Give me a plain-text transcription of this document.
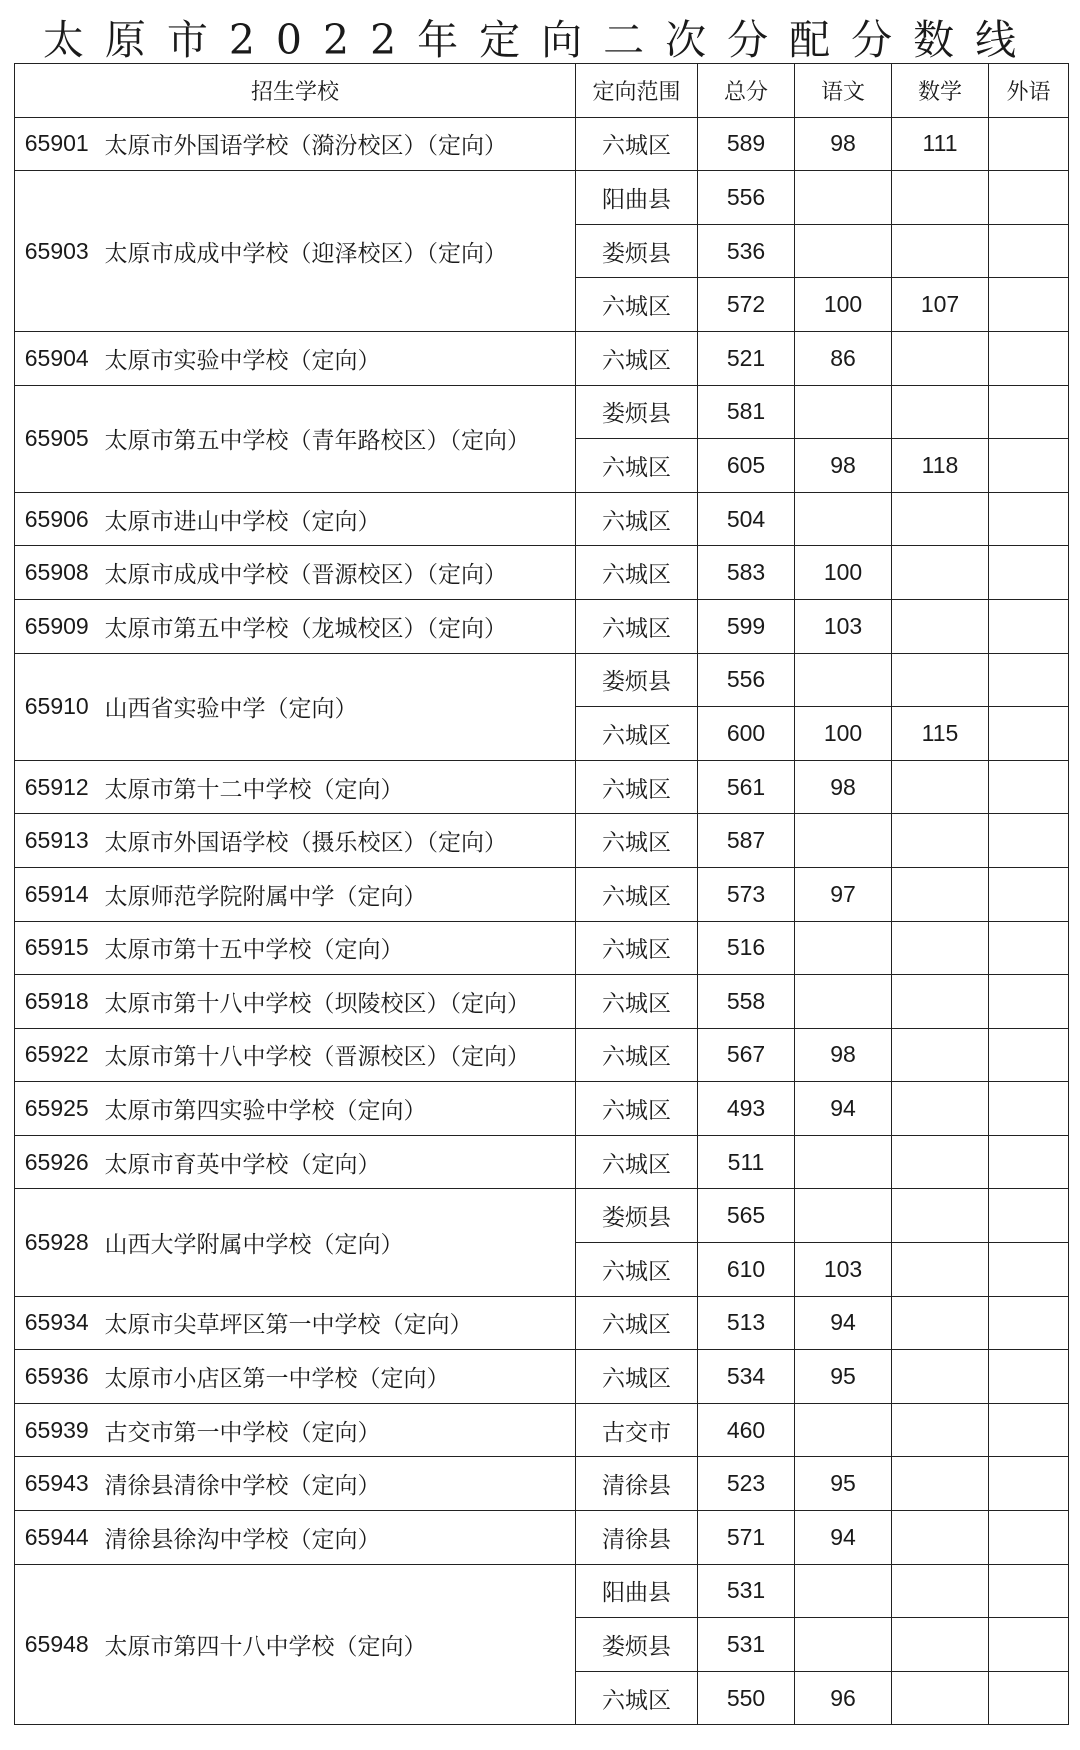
太原市2022年定向二次分配分数线
招生学校		定向范围	总分	语文	数学	外语
65901	太原市外国语学校（漪汾校区）（定向）	六城区	589	98	111	
65903	太原市成成中学校（迎泽校区）（定向）	阳曲县	556			
		娄烦县	536			
		六城区	572	100	107	
65904	太原市实验中学校（定向）	六城区	521	86		
65905	太原市第五中学校（青年路校区）（定向）	娄烦县	581			
		六城区	605	98	118	
65906	太原市进山中学校（定向）	六城区	504			
65908	太原市成成中学校（晋源校区）（定向）	六城区	583	100		
65909	太原市第五中学校（龙城校区）（定向）	六城区	599	103		
65910	山西省实验中学（定向）	娄烦县	556			
		六城区	600	100	115	
65912	太原市第十二中学校（定向）	六城区	561	98		
65913	太原市外国语学校（摄乐校区）（定向）	六城区	587			
65914	太原师范学院附属中学（定向）	六城区	573	97		
65915	太原市第十五中学校（定向）	六城区	516			
65918	太原市第十八中学校（坝陵校区）（定向）	六城区	558			
65922	太原市第十八中学校（晋源校区）（定向）	六城区	567	98		
65925	太原市第四实验中学校（定向）	六城区	493	94		
65926	太原市育英中学校（定向）	六城区	511			
65928	山西大学附属中学校（定向）	娄烦县	565			
		六城区	610	103		
65934	太原市尖草坪区第一中学校（定向）	六城区	513	94		
65936	太原市小店区第一中学校（定向）	六城区	534	95		
65939	古交市第一中学校（定向）	古交市	460			
65943	清徐县清徐中学校（定向）	清徐县	523	95		
65944	清徐县徐沟中学校（定向）	清徐县	571	94		
65948	太原市第四十八中学校（定向）	阳曲县	531			
		娄烦县	531			
		六城区	550	96		
